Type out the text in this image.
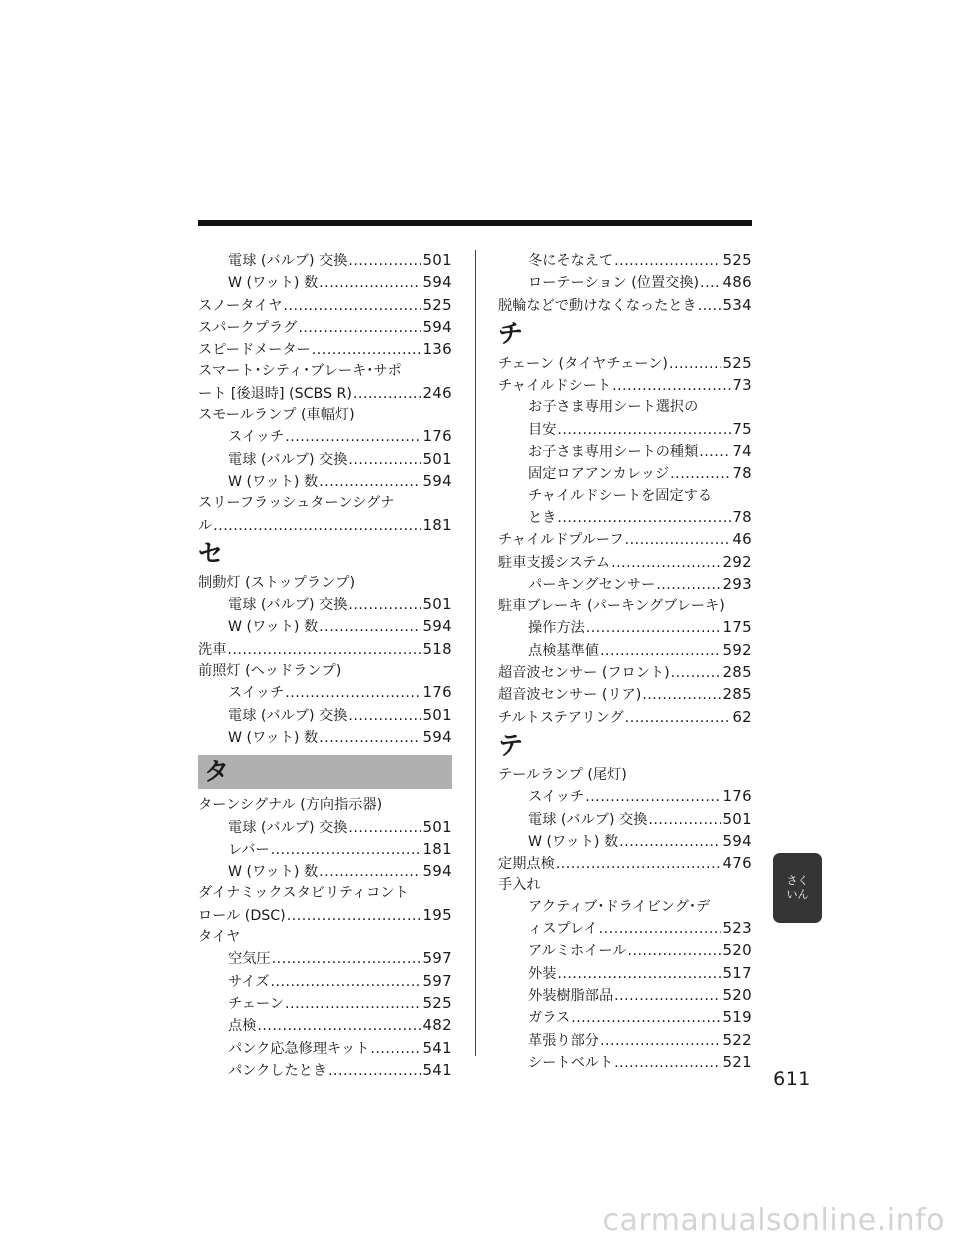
電球 (バルブ) 交換 .....	501
W (ワット) 数 .....	594
スノータイヤ .....	525
スパークプラグ .....	594
スピードメーター .....	136
スマート･シティ･ブレーキ･サポ
ート [後退時] (SCBS R) .....	246
スモールランプ (車幅灯)
スイッチ .....	176
電球 (バルブ) 交換 .....	501
W (ワット) 数 .....	594
スリーフラッシュターンシグナ
ル .....	181
セ
制動灯 (ストップランプ)
電球 (バルブ) 交換 .....	501
W (ワット) 数 .....	594
洗車 .....	518
前照灯 (ヘッドランプ)
スイッチ .....	176
電球 (バルブ) 交換 .....	501
W (ワット) 数 .....	594
タ
ターンシグナル (方向指示器)
電球 (バルブ) 交換 .....	501
レバー .....	181
W (ワット) 数 .....	594
ダイナミックスタビリティコント
ロール (DSC) .....	195
タイヤ
空気圧 .....	597
サイズ .....	597
チェーン .....	525
点検 .....	482
パンク応急修理キット .....	541
パンクしたとき .....	541
冬にそなえて .....	525
ローテーション (位置交換) ..... 486
脱輪などで動けなくなったとき ..... 534
チ
チェーン (タイヤチェーン) .....	525
チャイルドシート .....	73
お子さま専用シート選択の
目安 .....	75
お子さま専用シートの種類 ..... 74
固定ロアアンカレッジ .....	78
チャイルドシートを固定する
とき .....	78
チャイルドプルーフ .....	46
駐車支援システム .....	292
パーキングセンサー .....	293
駐車ブレーキ (パーキングブレーキ)
操作方法 .....	175
点検基準値 .....	592
超音波センサー (フロント) .....	285
超音波センサー (リア) .....	285
チルトステアリング .....	62
テ
テールランプ (尾灯)
スイッチ .....	176
電球 (バルブ) 交換 .....	501
W (ワット) 数 .....	594
定期点検 .....	476
手入れ
アクティブ･ドライビング･デ
ィスプレイ .....	523
アルミホイール .....	520
外装 .....	517
外装樹脂部品 .....	520
ガラス .....	519
革張り部分 .....	522
シートベルト .....	521
さく
いん
611
carmanualsonline.info
